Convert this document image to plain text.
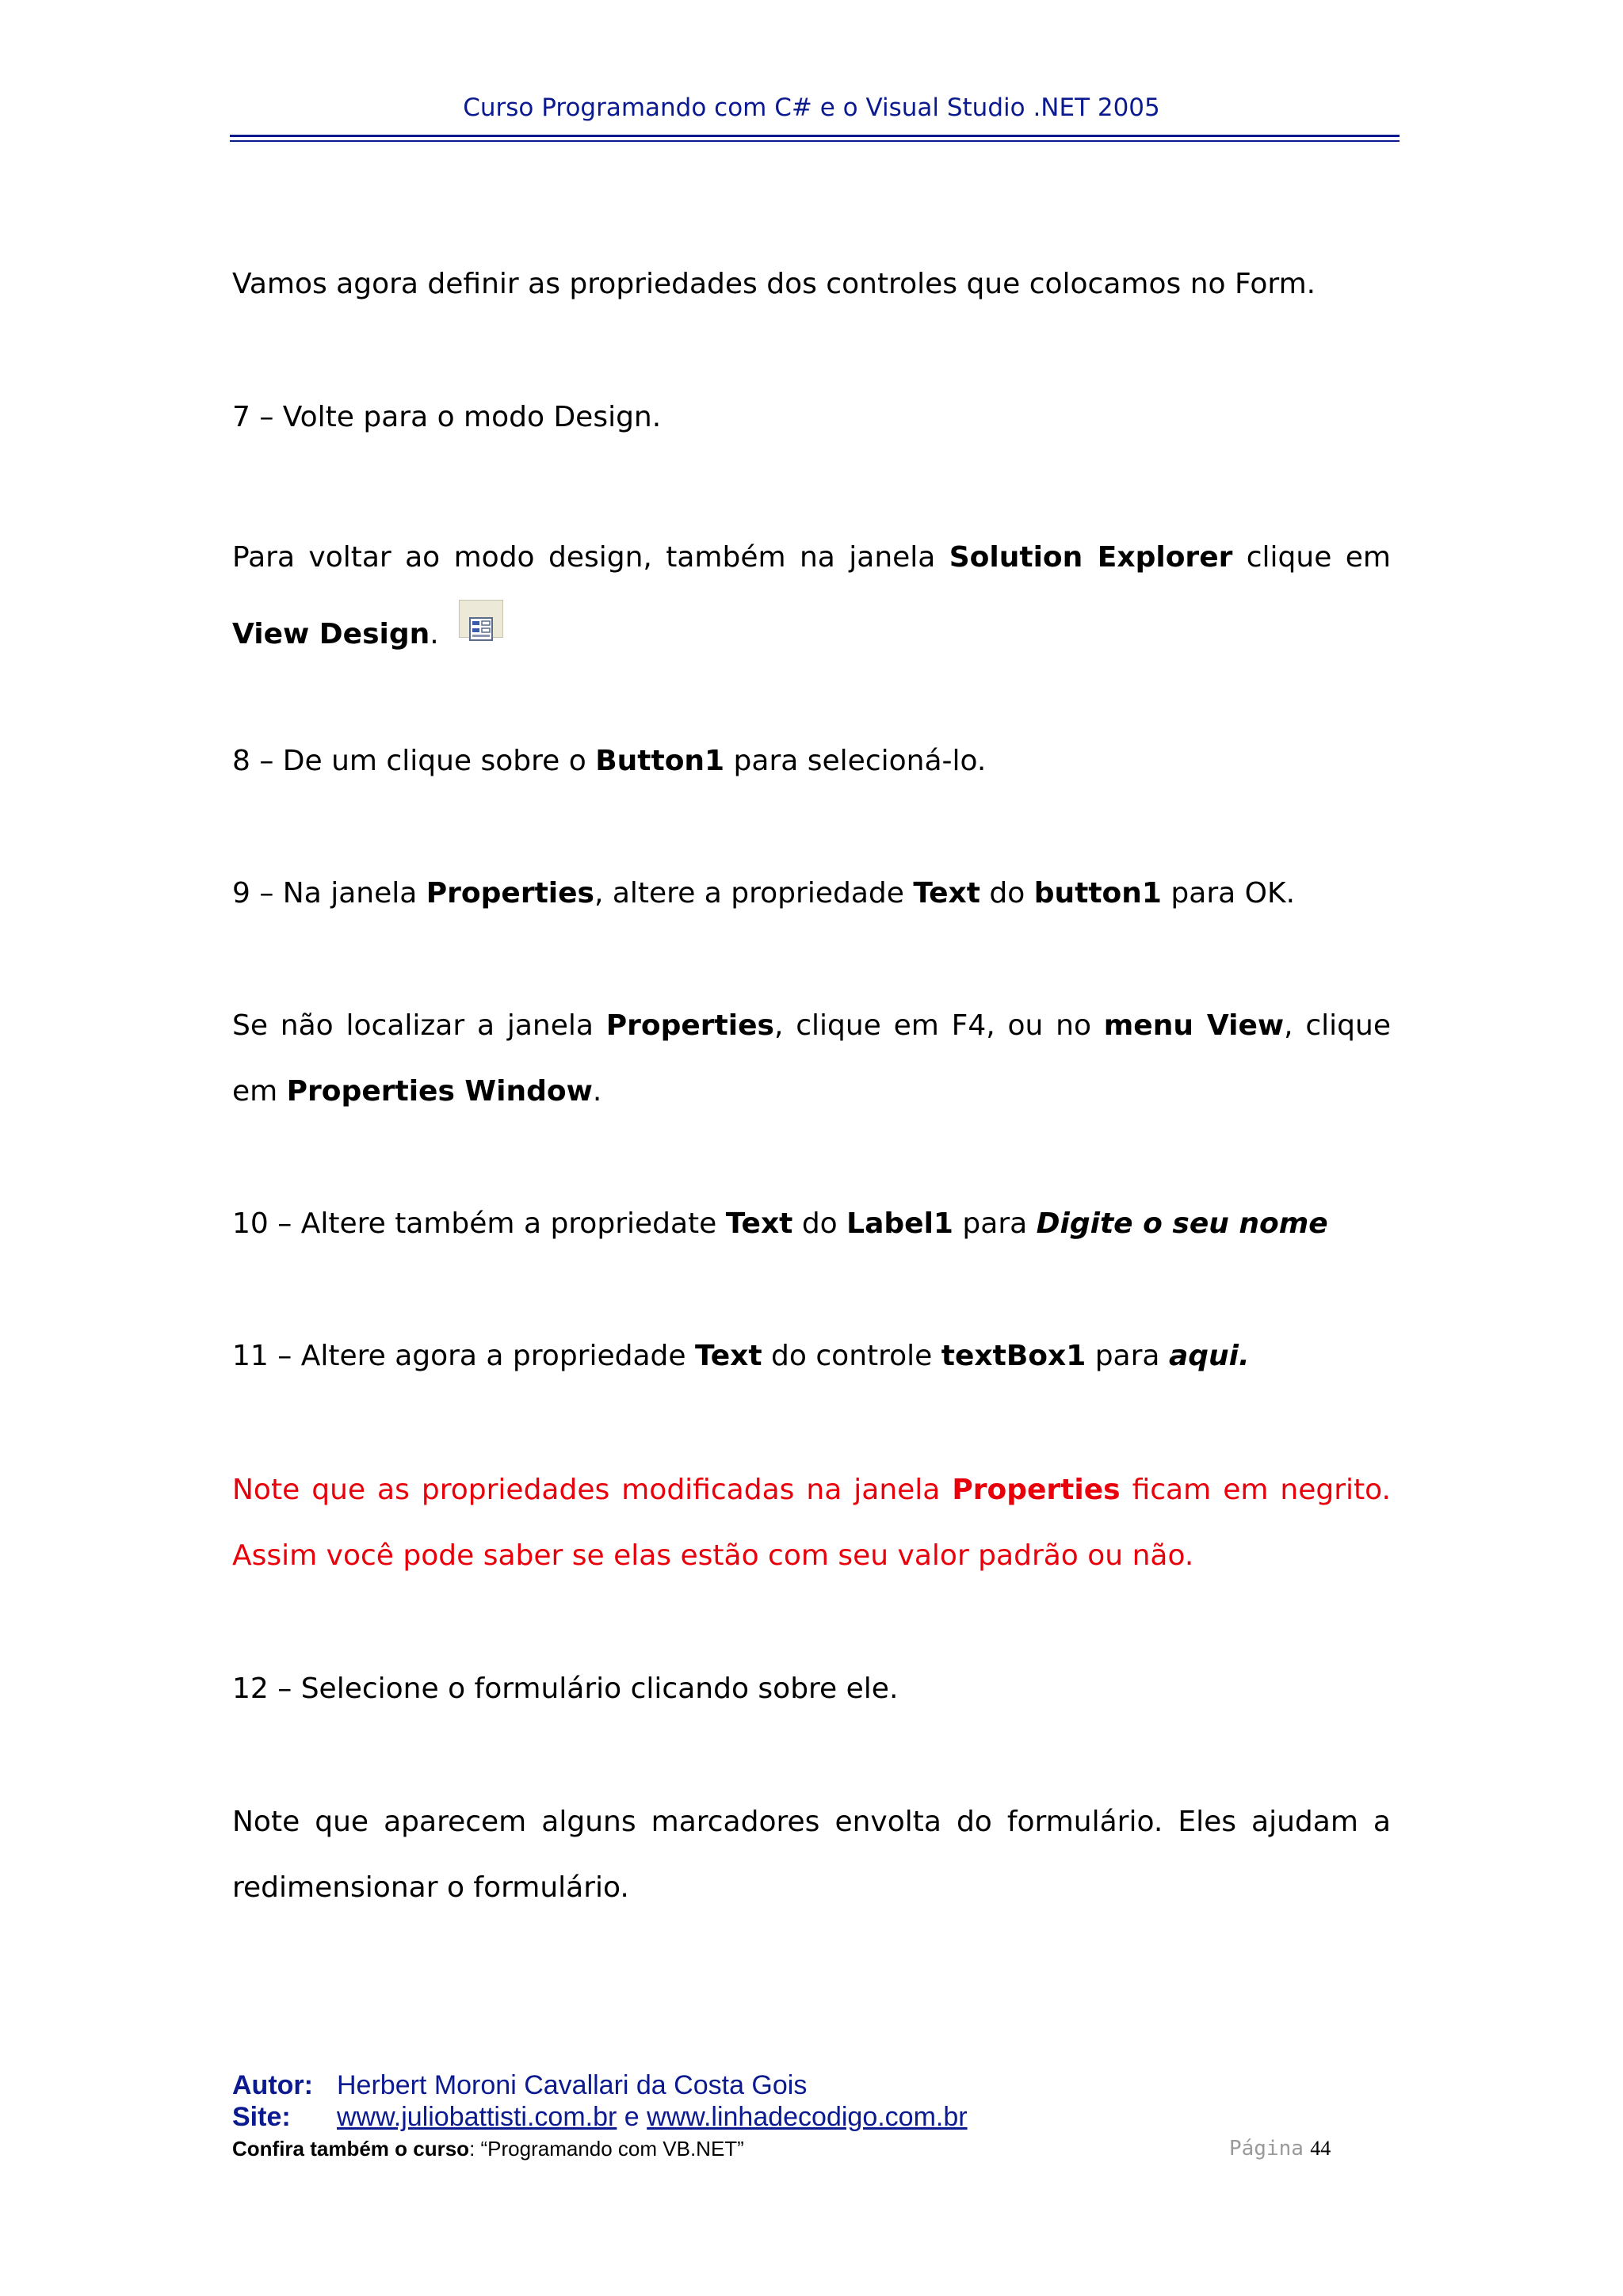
Curso Programando com C# e o Visual Studio .NET 2005
Vamos agora definir as propriedades dos controles que colocamos no Form.
7 – Volte para o modo Design.
Para voltar ao modo design, também na janela Solution Explorer clique em View Design.
8 – De um clique sobre o Button1 para selecioná-lo.
9 – Na janela Properties, altere a propriedade Text do button1 para OK.
Se não localizar a janela Properties, clique em F4, ou no menu View, clique em Properties Window.
10 – Altere também a propriedate Text do Label1 para Digite o seu nome
11 – Altere agora a propriedade Text do controle textBox1 para aqui.
Note que as propriedades modificadas na janela Properties ficam em negrito. Assim você pode saber se elas estão com seu valor padrão ou não.
12 – Selecione o formulário clicando sobre ele.
Note que aparecem alguns marcadores envolta do formulário. Eles ajudam a redimensionar o formulário.
Autor: Herbert Moroni Cavallari da Costa Gois
Site: www.juliobattisti.com.br e www.linhadecodigo.com.br
Confira também o curso: “Programando com VB.NET”	Página 44
